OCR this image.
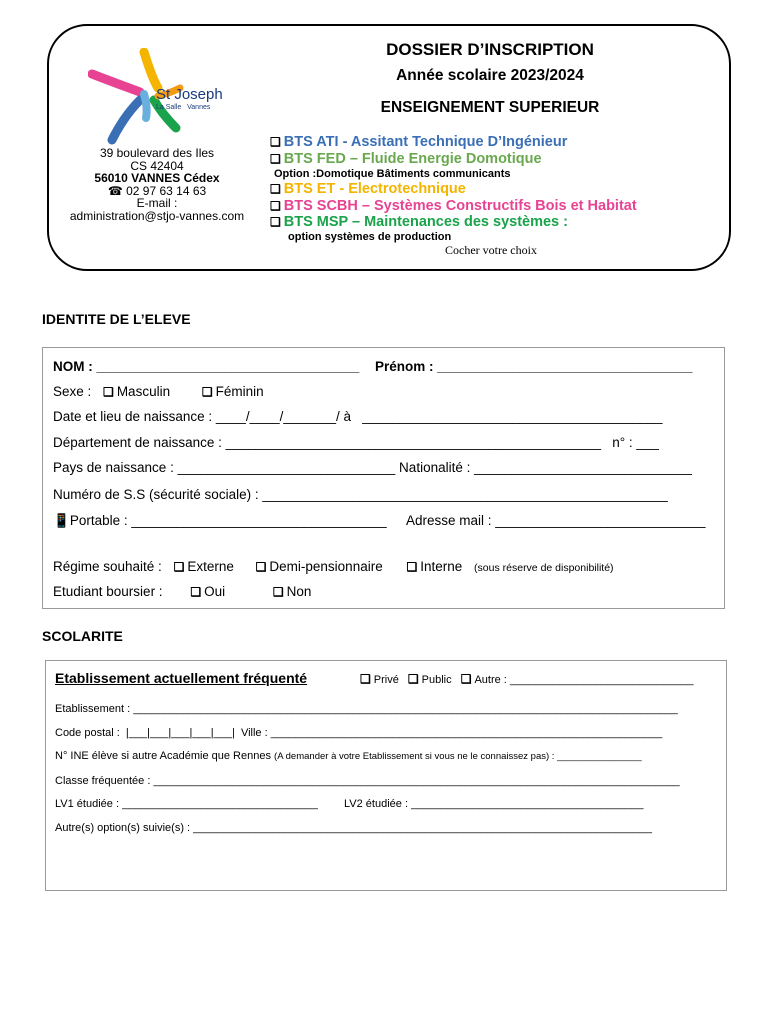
St Joseph
La Salle   Vannes
DOSSIER D’INSCRIPTION
Année scolaire 2023/2024
ENSEIGNEMENT SUPERIEUR
39 boulevard des Iles
CS 42404
56010 VANNES Cédex
☎ 02 97 63 14 63
E-mail :
administration@stjo-vannes.com
❑ BTS ATI - Assitant Technique D’Ingénieur
❑ BTS FED – Fluide Energie Domotique
Option :Domotique Bâtiments communicants
❑ BTS ET - Electrotechnique
❑ BTS SCBH – Systèmes Constructifs Bois et Habitat
❑ BTS MSP – Maintenances des systèmes :
option systèmes de production
Cocher votre choix
IDENTITE DE L’ELEVE
NOM : ___________________________________ Prénom : __________________________________
Sexe : ❑ Masculin	❑ Féminin
Date et lieu de naissance : ____/____/_______/ à   ________________________________________
Département de naissance : __________________________________________________   n° : ___
Pays de naissance : _____________________________ Nationalité : _____________________________
Numéro de S.S (sécurité sociale) : ______________________________________________________
📱Portable : __________________________________ Adresse mail : ____________________________
Régime souhaité : ❑ Externe ❑ Demi-pensionnaire ❑ Interne (sous réserve de disponibilité)
Etudiant boursier : ❑ Oui	❑ Non
SCOLARITE
Etablissement actuellement fréquenté	❑ Privé ❑ Public ❑ Autre : ______________________________
Etablissement : _________________________________________________________________________________________
Code postal :  |___|___|___|___|___|  Ville : ________________________________________________________________
N° INE élève si autre Académie que Rennes (A demander à votre Etablissement si vous ne le connaissez pas) : ________________
Classe fréquentée : ______________________________________________________________________________________
LV1 étudiée : ________________________________ LV2 étudiée : ______________________________________
Autre(s) option(s) suivie(s) : ___________________________________________________________________________
